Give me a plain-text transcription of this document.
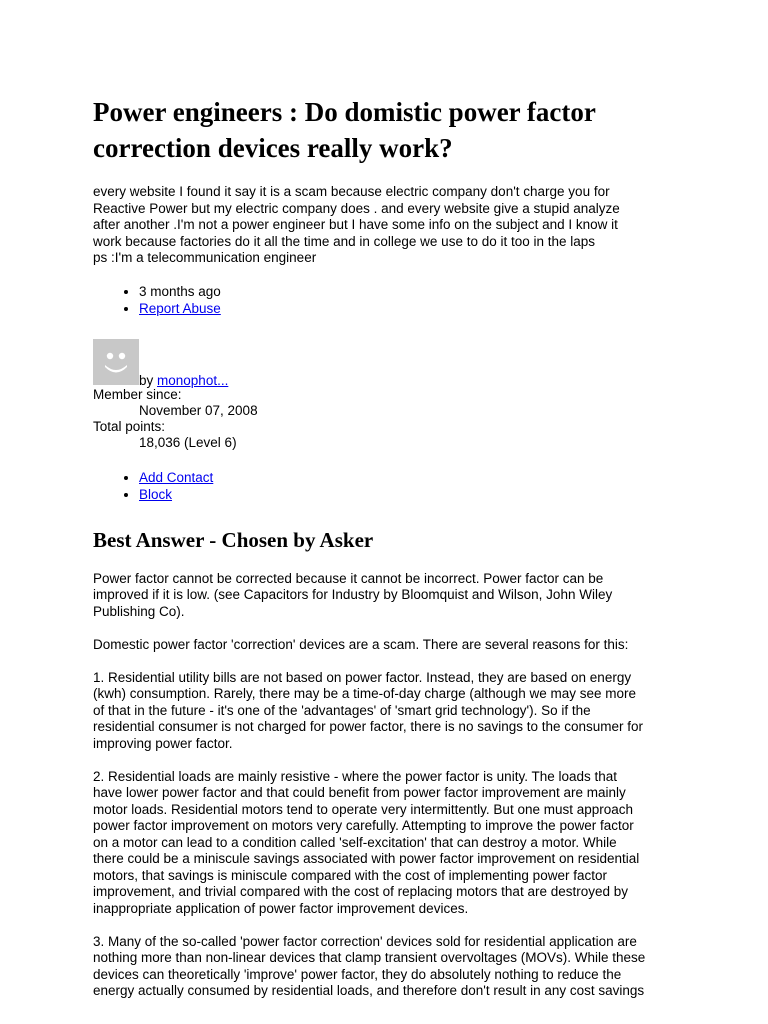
Power engineers : Do domistic power factor correction devices really work?

every website I found it say it is a scam because electric company don't charge you for

Reactive Power but my electric company does . and every website give a stupid analyze

after another .I'm not a power engineer but I have some info on the subject and I know it

work because factories do it all the time and in college we use to do it too in the laps

ps :I'm a telecommunication engineer

• 3 months ago
• Report Abuse
by monophot...
Member since:
November 07, 2008
Total points:
18,036 (Level 6)
• Add Contact
• Block
Best Answer - Chosen by Asker

Power factor cannot be corrected because it cannot be incorrect. Power factor can be

improved if it is low. (see Capacitors for Industry by Bloomquist and Wilson, John Wiley

Publishing Co).

Domestic power factor 'correction' devices are a scam. There are several reasons for this:

1. Residential utility bills are not based on power factor. Instead, they are based on energy

(kwh) consumption. Rarely, there may be a time-of-day charge (although we may see more

of that in the future - it's one of the 'advantages' of 'smart grid technology'). So if the

residential consumer is not charged for power factor, there is no savings to the consumer for

improving power factor.

2. Residential loads are mainly resistive - where the power factor is unity. The loads that

have lower power factor and that could benefit from power factor improvement are mainly

motor loads. Residential motors tend to operate very intermittently. But one must approach

power factor improvement on motors very carefully. Attempting to improve the power factor

on a motor can lead to a condition called 'self-excitation' that can destroy a motor. While

there could be a miniscule savings associated with power factor improvement on residential

motors, that savings is miniscule compared with the cost of implementing power factor

improvement, and trivial compared with the cost of replacing motors that are destroyed by

inappropriate application of power factor improvement devices.

3. Many of the so-called 'power factor correction' devices sold for residential application are

nothing more than non-linear devices that clamp transient overvoltages (MOVs). While these

devices can theoretically 'improve' power factor, they do absolutely nothing to reduce the

energy actually consumed by residential loads, and therefore don't result in any cost savings
